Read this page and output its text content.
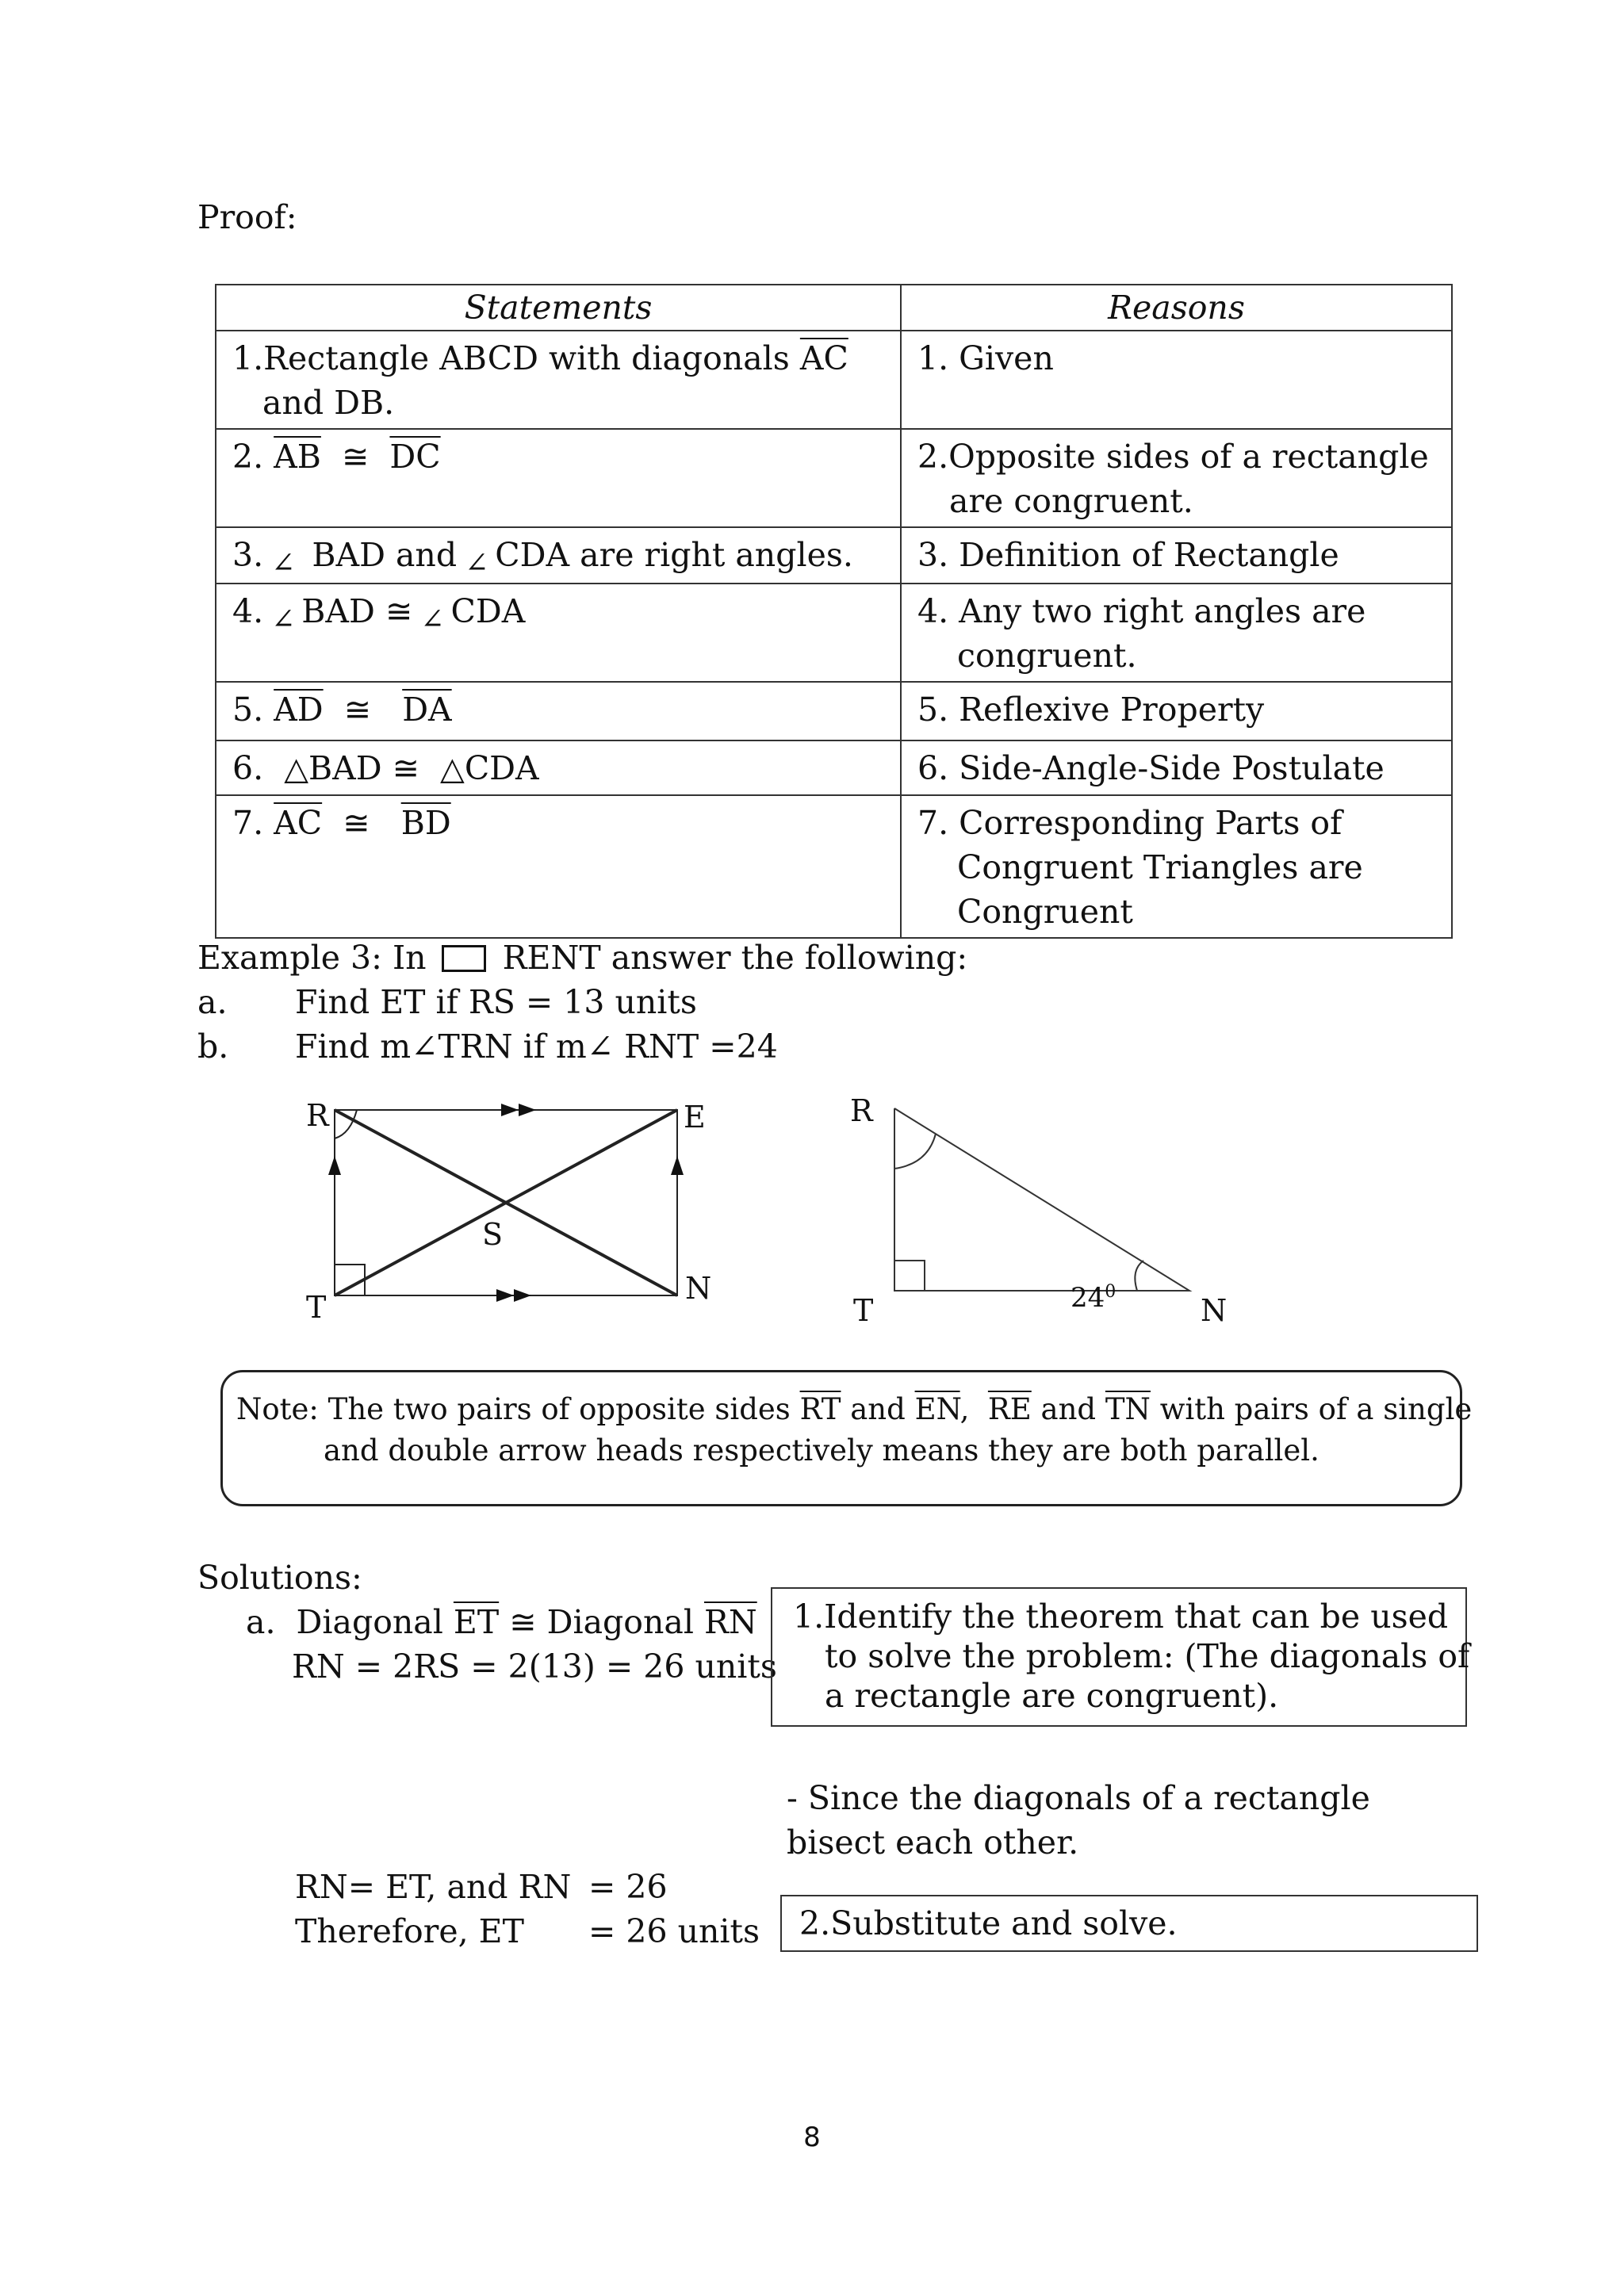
Proof:
Statements	Reasons
1.Rectangle ABCD with diagonals $\overline{AC}$
and DB.	1. Given
2. $\overline{AB}$ ≅ $\overline{DC}$	2.Opposite sides of a rectangle
are congruent.

3. ∠ BAD and ∠ CDA are right angles.	3. Definition of Rectangle
4. ∠ BAD ≅ ∠ CDA	4. Any two right angles are
congruent.

5. $\overline{AD}$ ≅ $\overline{DA}$	5. Reflexive Property
6. △BAD ≅ △CDA	6. Side-Angle-Side Postulate
7. $\overline{AC}$ ≅ $\overline{BD}$	7. Corresponding Parts of
Congruent Triangles are
Congruent
Example 3: In RENT answer the following:
a. Find ET if RS = 13 units
b. Find m∠TRN if m∠ RNT =24
R	E
S
T
N
R
T	N
$24^0$
Note: The two pairs of opposite sides $\overline{RT}$ and $\overline{EN}$,  $\overline{RE}$ and $\overline{TN}$ with pairs of a single
and double arrow heads respectively means they are both parallel.
Solutions:
a.  Diagonal $\overline{ET}$ ≅ Diagonal $\overline{RN}$
RN = 2RS = 2(13) = 26 units
1.Identify the theorem that can be used
to solve the problem: (The diagonals of
a rectangle are congruent).
- Since the diagonals of a rectangle
bisect each other.
RN= ET, and RN = 26
Therefore, ET = 26 units 2.Substitute and solve.
8
